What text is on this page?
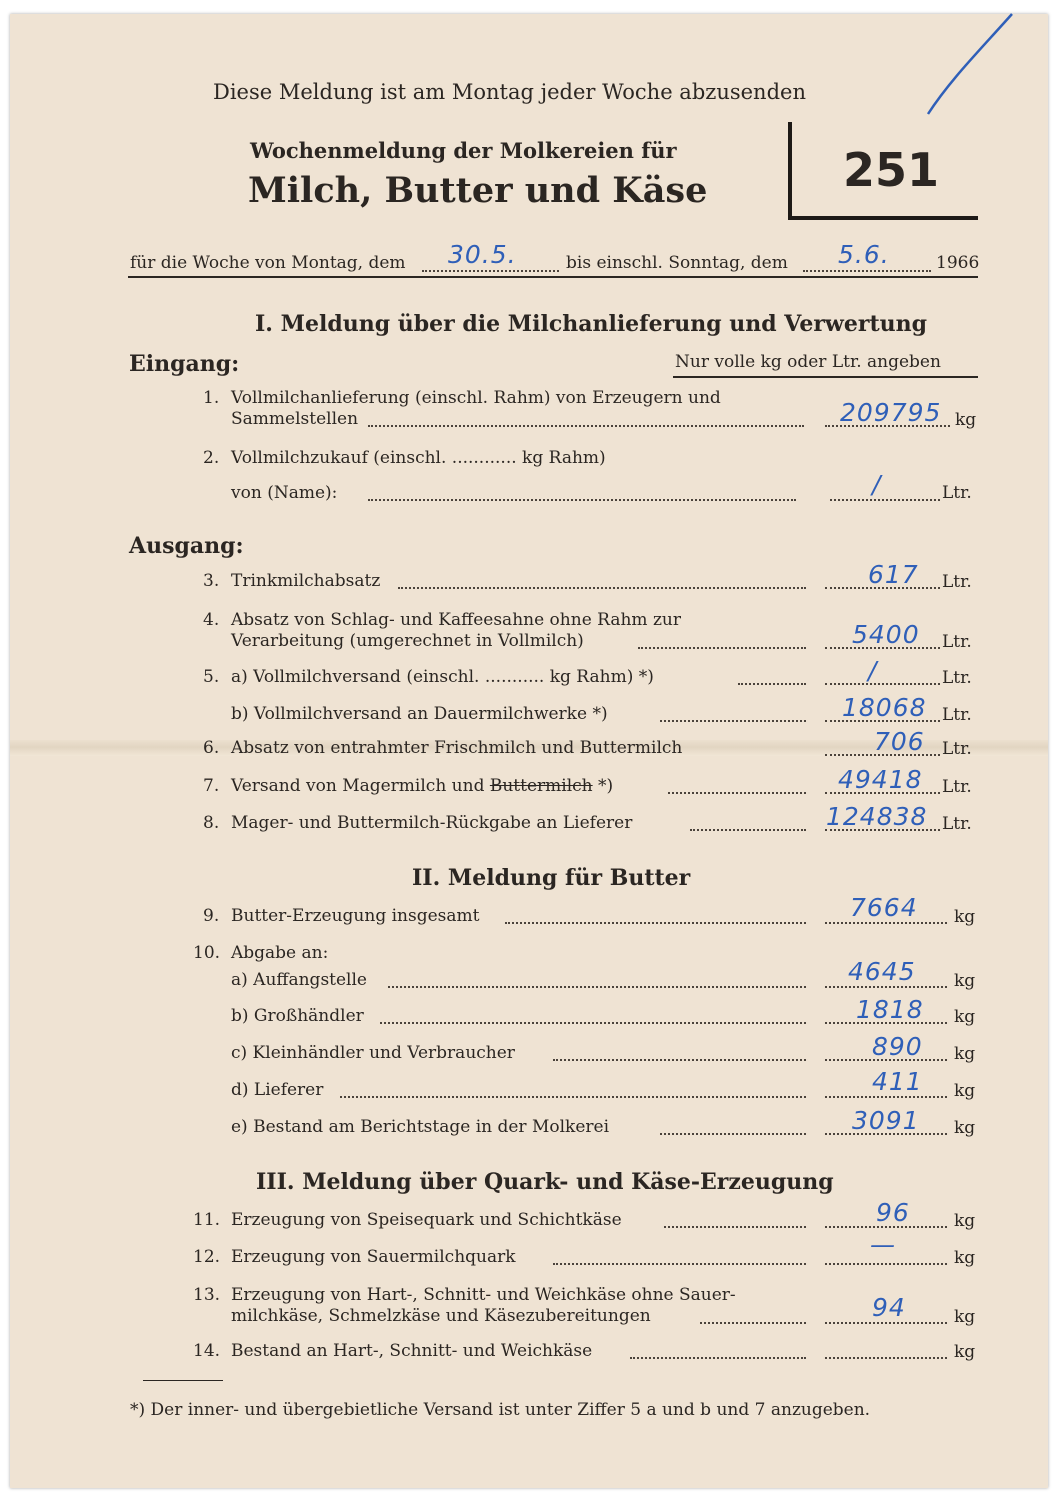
Diese Meldung ist am Montag jeder Woche abzusenden
Wochenmeldung der Molkereien für
Milch, Butter und Käse	251
für die Woche von Montag, dem 30.5.	bis einschl. Sonntag, dem 5.6.	1966
I. Meldung über die Milchanlieferung und Verwertung
Eingang:	Nur volle kg oder Ltr. angeben
1. Vollmilchanlieferung (einschl. Rahm) von Erzeugern und
Sammelstellen	209795 kg
2. Vollmilchzukauf (einschl. ............ kg Rahm)
von (Name):	/	Ltr.
Ausgang:
3. Trinkmilchabsatz	617 Ltr.
4. Absatz von Schlag- und Kaffeesahne ohne Rahm zur
Verarbeitung (umgerechnet in Vollmilch)	5400 Ltr.
5. a) Vollmilchversand (einschl. ........... kg Rahm) *)	/	Ltr.
b) Vollmilchversand an Dauermilchwerke *)	18068 Ltr.
6. Absatz von entrahmter Frischmilch und Buttermilch	706 Ltr.
7. Versand von Magermilch und Buttermilch *)	49418 Ltr.
8. Mager- und Buttermilch-Rückgabe an Lieferer	124838 Ltr.
II. Meldung für Butter
9. Butter-Erzeugung insgesamt	7664 kg
10. Abgabe an:
a) Auffangstelle	4645 kg
b) Großhändler	1818 kg
c) Kleinhändler und Verbraucher	890 kg
d) Lieferer	411 kg
e) Bestand am Berichtstage in der Molkerei	3091 kg
III. Meldung über Quark- und Käse-Erzeugung
11. Erzeugung von Speisequark und Schichtkäse	96	kg
12. Erzeugung von Sauermilchquark	—	kg
13. Erzeugung von Hart-, Schnitt- und Weichkäse ohne Sauer-
milchkäse, Schmelzkäse und Käsezubereitungen	94	kg
14. Bestand an Hart-, Schnitt- und Weichkäse	kg
*) Der inner- und übergebietliche Versand ist unter Ziffer 5 a und b und 7 anzugeben.
